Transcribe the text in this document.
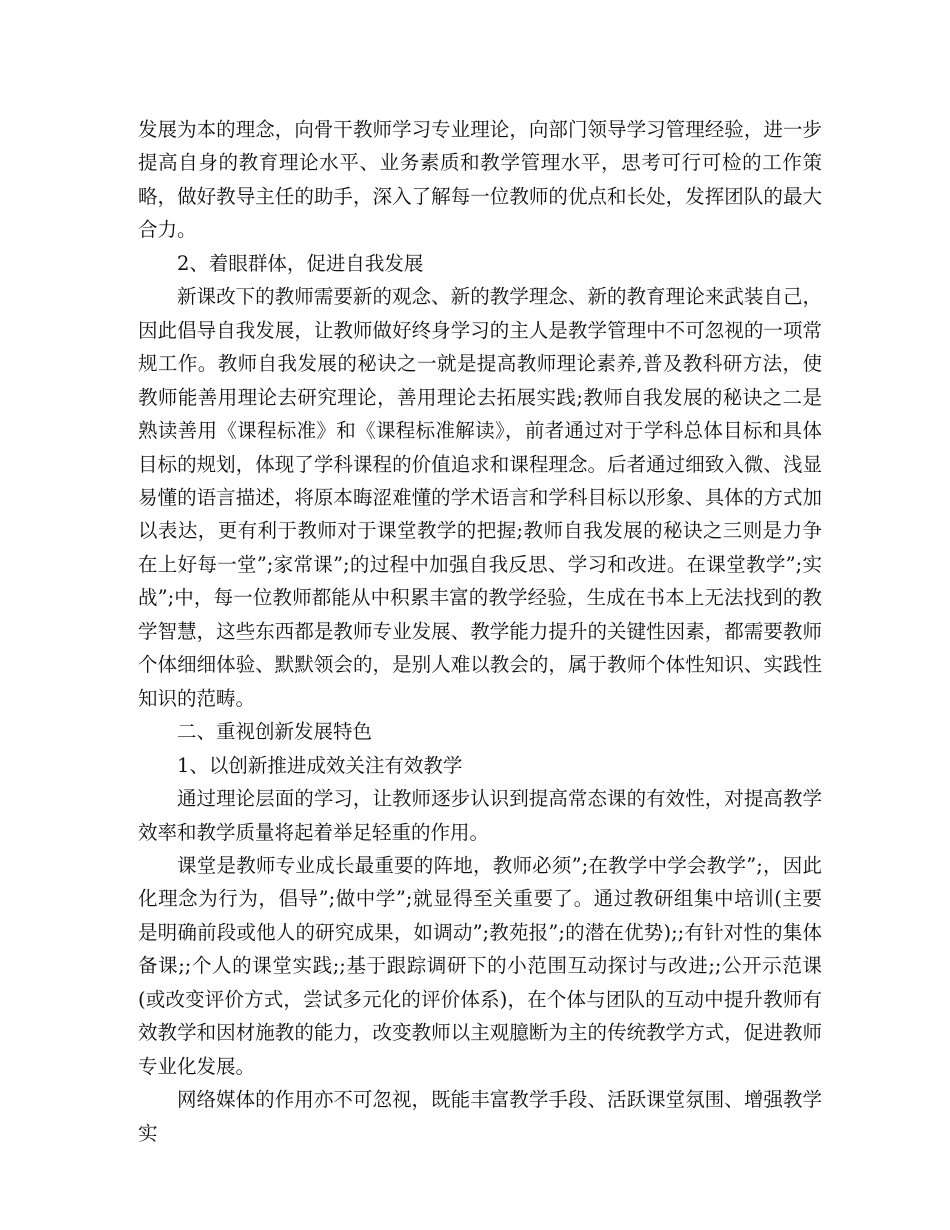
发展为本的理念，向骨干教师学习专业理论，向部门领导学习管理经验，进一步提高自身的教育理论水平、业务素质和教学管理水平，思考可行可检的工作策略，做好教导主任的助手，深入了解每一位教师的优点和长处，发挥团队的最大合力。

2、着眼群体，促进自我发展

新课改下的教师需要新的观念、新的教学理念、新的教育理论来武装自己，因此倡导自我发展，让教师做好终身学习的主人是教学管理中不可忽视的一项常规工作。教师自我发展的秘诀之一就是提高教师理论素养,普及教科研方法，使教师能善用理论去研究理论，善用理论去拓展实践;教师自我发展的秘诀之二是熟读善用《课程标准》和《课程标准解读》，前者通过对于学科总体目标和具体目标的规划，体现了学科课程的价值追求和课程理念。后者通过细致入微、浅显易懂的语言描述，将原本晦涩难懂的学术语言和学科目标以形象、具体的方式加以表达，更有利于教师对于课堂教学的把握;教师自我发展的秘诀之三则是力争在上好每一堂”;家常课”;的过程中加强自我反思、学习和改进。在课堂教学”;实战”;中，每一位教师都能从中积累丰富的教学经验，生成在书本上无法找到的教学智慧，这些东西都是教师专业发展、教学能力提升的关键性因素，都需要教师个体细细体验、默默领会的，是别人难以教会的，属于教师个体性知识、实践性知识的范畴。

二、重视创新发展特色

1、以创新推进成效关注有效教学

通过理论层面的学习，让教师逐步认识到提高常态课的有效性，对提高教学效率和教学质量将起着举足轻重的作用。

课堂是教师专业成长最重要的阵地，教师必须”;在教学中学会教学”;，因此化理念为行为，倡导”;做中学”;就显得至关重要了。通过教研组集中培训(主要是明确前段或他人的研究成果，如调动”;教苑报”;的潜在优势);;有针对性的集体备课;;个人的课堂实践;;基于跟踪调研下的小范围互动探讨与改进;;公开示范课(或改变评价方式，尝试多元化的评价体系)，在个体与团队的互动中提升教师有效教学和因材施教的能力，改变教师以主观臆断为主的传统教学方式，促进教师专业化发展。

网络媒体的作用亦不可忽视，既能丰富教学手段、活跃课堂氛围、增强教学实
